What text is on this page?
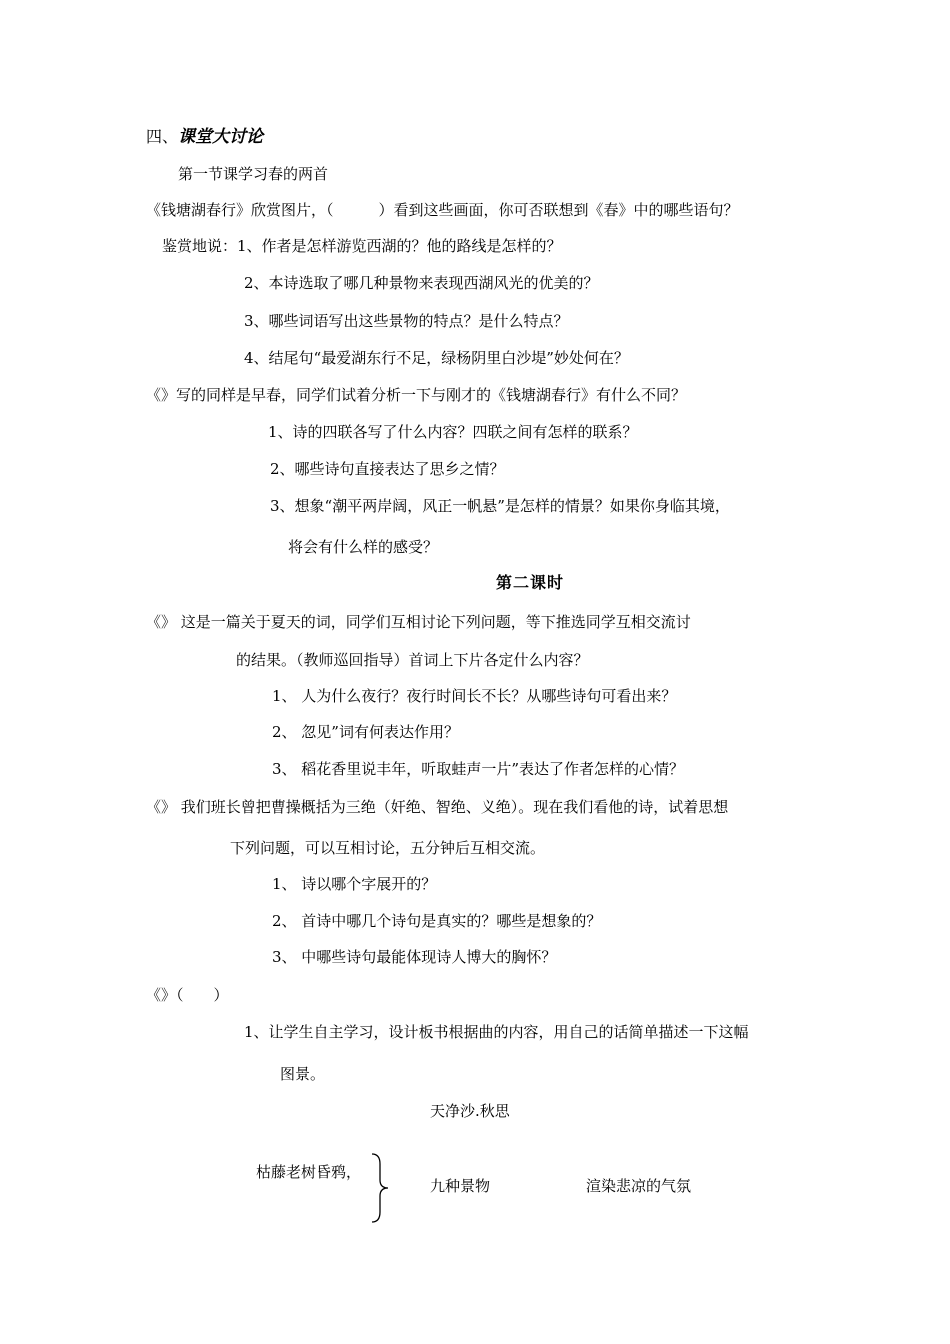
四、课堂大讨论
第一节课学习春的两首
《钱塘湖春行》欣赏图片，（　　　）看到这些画面，你可否联想到《春》中的哪些语句？
鉴赏地说：1、作者是怎样游览西湖的？他的路线是怎样的？
2、本诗选取了哪几种景物来表现西湖风光的优美的？
3、哪些词语写出这些景物的特点？是什么特点？
4、结尾句“最爱湖东行不足，绿杨阴里白沙堤”妙处何在？
《》写的同样是早春，同学们试着分析一下与刚才的《钱塘湖春行》有什么不同？
1、诗的四联各写了什么内容？四联之间有怎样的联系？
2、哪些诗句直接表达了思乡之情？
3、想象“潮平两岸阔，风正一帆悬”是怎样的情景？如果你身临其境，
将会有什么样的感受？
第二课时
《》 这是一篇关于夏天的词，同学们互相讨论下列问题，等下推选同学互相交流讨
的结果。（教师巡回指导）首词上下片各定什么内容？
1、 人为什么夜行？夜行时间长不长？从哪些诗句可看出来？
2、 忽见”词有何表达作用？
3、 稻花香里说丰年，听取蛙声一片”表达了作者怎样的心情？
《》 我们班长曾把曹操概括为三绝（奸绝、智绝、义绝）。现在我们看他的诗，试着思想
下列问题，可以互相讨论，五分钟后互相交流。
1、 诗以哪个字展开的？
2、 首诗中哪几个诗句是真实的？哪些是想象的？
3、 中哪些诗句最能体现诗人博大的胸怀？
《》（　　）
1、让学生自主学习，设计板书根据曲的内容，用自己的话简单描述一下这幅
图景。
天净沙.秋思
枯藤老树昏鸦，
九种景物	渲染悲凉的气氛
